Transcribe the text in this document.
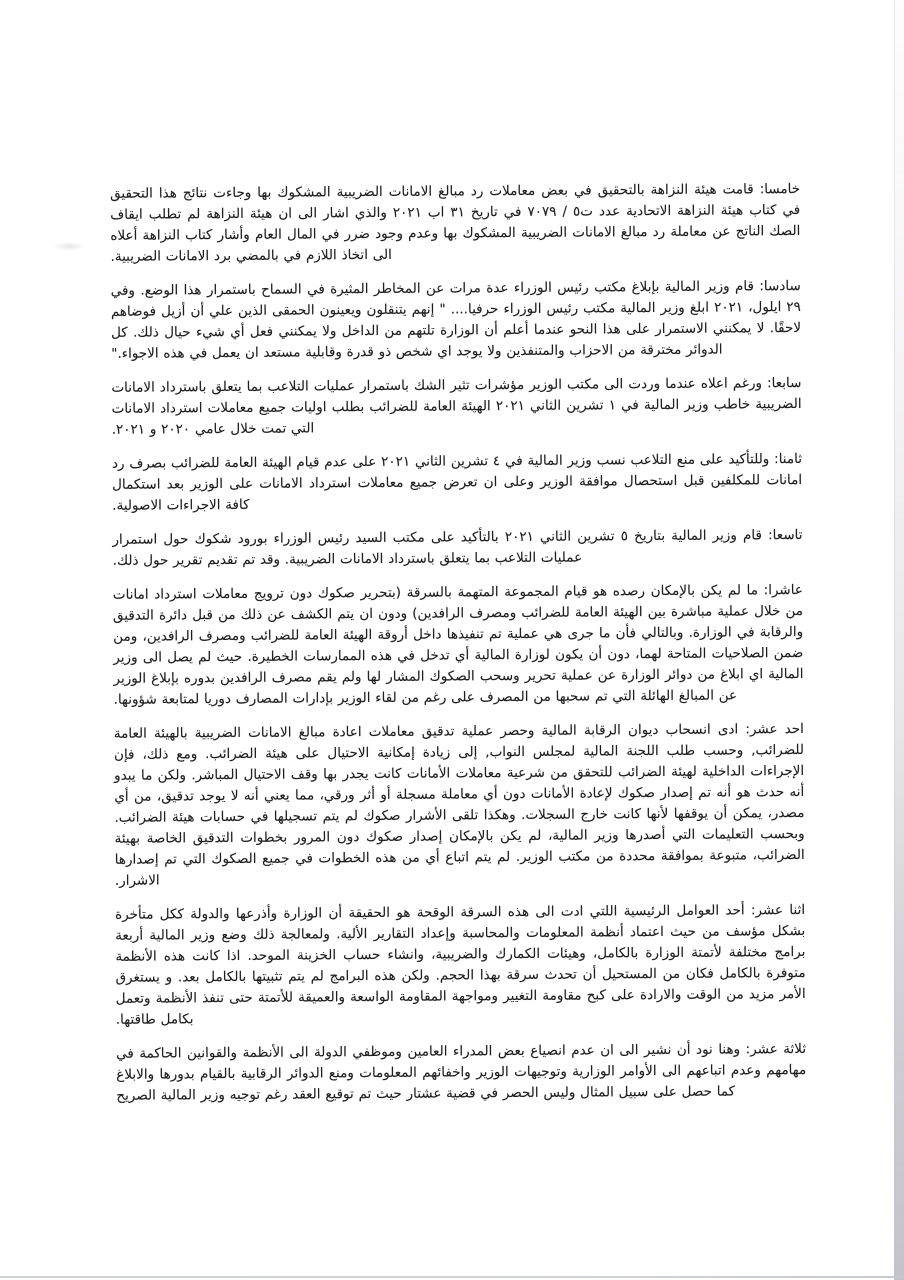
خامسا: قامت هيئة النزاهة بالتحقيق في بعض معاملات رد مبالغ الامانات الضريبية المشكوك بها وجاءت نتائج هذا التحقيق في كتاب هيئة النزاهة الاتحادية عدد ت٥ / ٧٠٧٩ في تاريخ ٣١ اب ٢٠٢١ والذي اشار الى ان هيئة النزاهة لم تطلب ايقاف الصك الناتج عن معاملة رد مبالغ الامانات الضريبية المشكوك بها وعدم وجود ضرر في المال العام وأشار كتاب النزاهة أعلاه الى اتخاذ اللازم في بالمضي برد الامانات الضريبية.

سادسا: قام وزير المالية بإبلاغ مكتب رئيس الوزراء عدة مرات عن المخاطر المثيرة في السماح باستمرار هذا الوضع. وفي ٢٩ ايلول، ٢٠٢١ ابلغ وزير المالية مكتب رئيس الوزراء حرفيا.... " إنهم يتنقلون ويعينون الحمقى الذين علي أن أزيل فوضاهم لاحقًا. لا يمكنني الاستمرار على هذا النحو عندما أعلم أن الوزارة تلتهم من الداخل ولا يمكنني فعل أي شيء حيال ذلك. كل الدوائر مخترقة من الاحزاب والمتنفذين ولا يوجد اي شخص ذو قدرة وقابلية مستعد ان يعمل في هذه الاجواء."

سابعا: ورغم اعلاه عندما وردت الى مكتب الوزير مؤشرات تثير الشك باستمرار عمليات التلاعب بما يتعلق باسترداد الامانات الضريبية خاطب وزير المالية في ١ تشرين الثاني ٢٠٢١ الهيئة العامة للضرائب بطلب اوليات جميع معاملات استرداد الامانات التي تمت خلال عامي ٢٠٢٠ و ٢٠٢١.

ثامنا: وللتأكيد على منع التلاعب نسب وزير المالية في ٤ تشرين الثاني ٢٠٢١ على عدم قيام الهيئة العامة للضرائب بصرف رد امانات للمكلفين قبل استحصال موافقة الوزير وعلى ان تعرض جميع معاملات استرداد الامانات على الوزير بعد استكمال كافة الاجراءات الاصولية.

تاسعا: قام وزير المالية بتاريخ ٥ تشرين الثاني ٢٠٢١ بالتأكيد على مكتب السيد رئيس الوزراء بورود شكوك حول استمرار عمليات التلاعب بما يتعلق باسترداد الامانات الضريبية. وقد تم تقديم تقرير حول ذلك.

عاشرا: ما لم يكن بالإمكان رصده هو قيام المجموعة المتهمة بالسرقة (بتحرير صكوك دون ترويج معاملات استرداد امانات من خلال عملية مباشرة بين الهيئة العامة للضرائب ومصرف الرافدين) ودون ان يتم الكشف عن ذلك من قبل دائرة التدقيق والرقابة في الوزارة. وبالتالي فأن ما جرى هي عملية تم تنفيذها داخل أروقة الهيئة العامة للضرائب ومصرف الرافدين، ومن ضمن الصلاحيات المتاحة لهما، دون أن يكون لوزارة المالية أي تدخل في هذه الممارسات الخطيرة. حيث لم يصل الى وزير المالية اي ابلاغ من دوائر الوزارة عن عملية تحرير وسحب الصكوك المشار لها ولم يقم مصرف الرافدين بدوره بإبلاغ الوزير عن المبالغ الهائلة التي تم سحبها من المصرف على رغم من لقاء الوزير بإدارات المصارف دوريا لمتابعة شؤونها.

احد عشر: ادى انسحاب ديوان الرقابة المالية وحصر عملية تدقيق معاملات اعادة مبالغ الامانات الضريبية بالهيئة العامة للضرائب, وحسب طلب اللجنة المالية لمجلس النواب, إلى زيادة إمكانية الاحتيال على هيئة الضرائب. ومع ذلك، فإن الإجراءات الداخلية لهيئة الضرائب للتحقق من شرعية معاملات الأمانات كانت يجدر بها وقف الاحتيال المباشر. ولكن ما يبدو أنه حدث هو أنه تم إصدار صكوك لإعادة الأمانات دون أي معاملة مسجلة أو أثر ورقي، مما يعني أنه لا يوجد تدقيق، من أي مصدر، يمكن أن يوقفها لأنها كانت خارج السجلات. وهكذا تلقى الأشرار صكوك لم يتم تسجيلها في حسابات هيئة الضرائب. وبحسب التعليمات التي أصدرها وزير المالية، لم يكن بالإمكان إصدار صكوك دون المرور بخطوات التدقيق الخاصة بهيئة الضرائب، متبوعة بموافقة محددة من مكتب الوزير. لم يتم اتباع أي من هذه الخطوات في جميع الصكوك التي تم إصدارها الاشرار.

اثنا عشر: أحد العوامل الرئيسية اللتي ادت الى هذه السرقة الوقحة هو الحقيقة أن الوزارة وأذرعها والدولة ككل متأخرة بشكل مؤسف من حيث اعتماد أنظمة المعلومات والمحاسبة وإعداد التقارير الألية. ولمعالجة ذلك وضع وزير المالية أربعة برامج مختلفة لأتمتة الوزارة بالكامل، وهيئات الكمارك والضريبية، وانشاء حساب الخزينة الموحد. اذا كانت هذه الأنظمة متوفرة بالكامل فكان من المستحيل أن تحدث سرقة بهذا الحجم. ولكن هذه البرامج لم يتم تثبيتها بالكامل بعد. و يستغرق الأمر مزيد من الوقت والارادة على كبح مقاومة التغيير ومواجهة المقاومة الواسعة والعميقة للأتمتة حتى تنفذ الأنظمة وتعمل بكامل طاقتها.

ثلاثة عشر: وهنا نود أن نشير الى ان عدم انصياع بعض المدراء العامين وموظفي الدولة الى الأنظمة والقوانين الحاكمة في مهامهم وعدم اتباعهم الى الأوامر الوزارية وتوجيهات الوزير واخفائهم المعلومات ومنع الدوائر الرقابية بالقيام بدورها والابلاغ كما حصل على سبيل المثال وليس الحصر في قضية عشتار حيث تم توقيع العقد رغم توجيه وزير المالية الصريح
